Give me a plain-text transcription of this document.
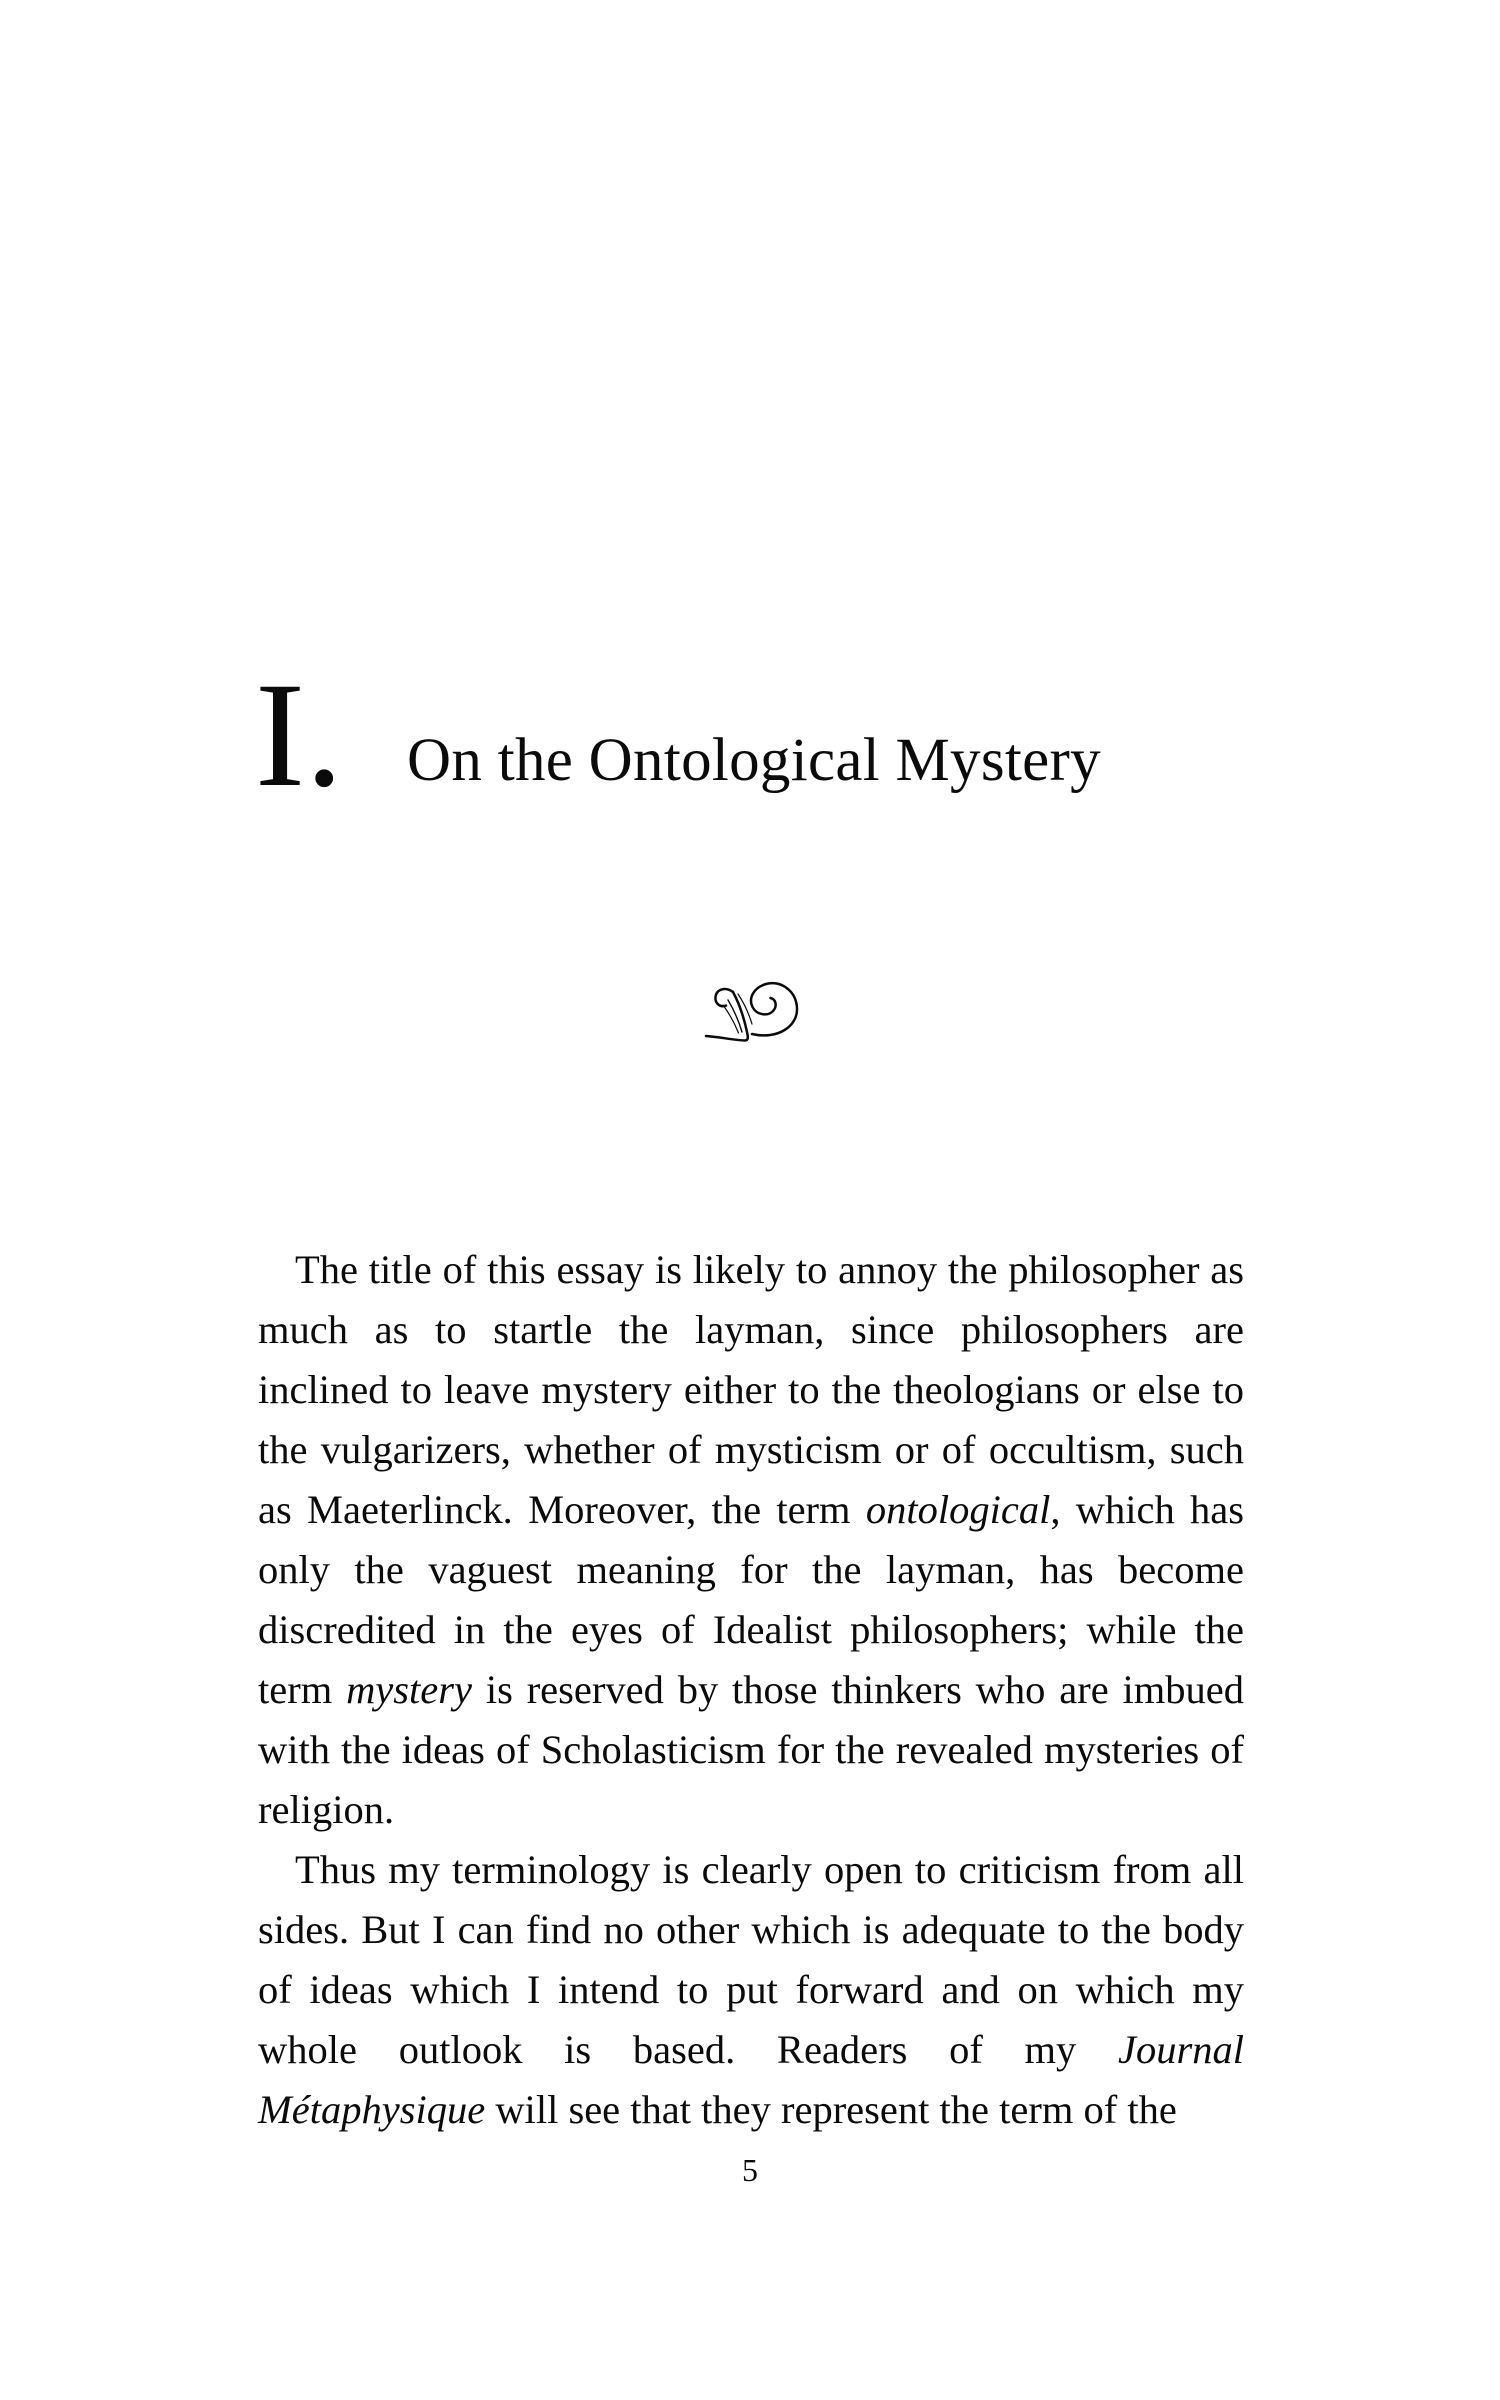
I. On the Ontological Mystery

The title of this essay is likely to annoy the philosopher as much as to startle the layman, since philosophers are inclined to leave mystery either to the theologians or else to the vulgarizers, whether of mysticism or of occultism, such as Maeterlinck. Moreover, the term ontological, which has only the vaguest meaning for the layman, has become discredited in the eyes of Idealist philosophers; while the term mystery is reserved by those thinkers who are imbued with the ideas of Scholasticism for the revealed mysteries of religion.

Thus my terminology is clearly open to criticism from all sides. But I can find no other which is adequate to the body of ideas which I intend to put forward and on which my whole outlook is based. Readers of my Journal Métaphysique will see that they represent the term of the

5
